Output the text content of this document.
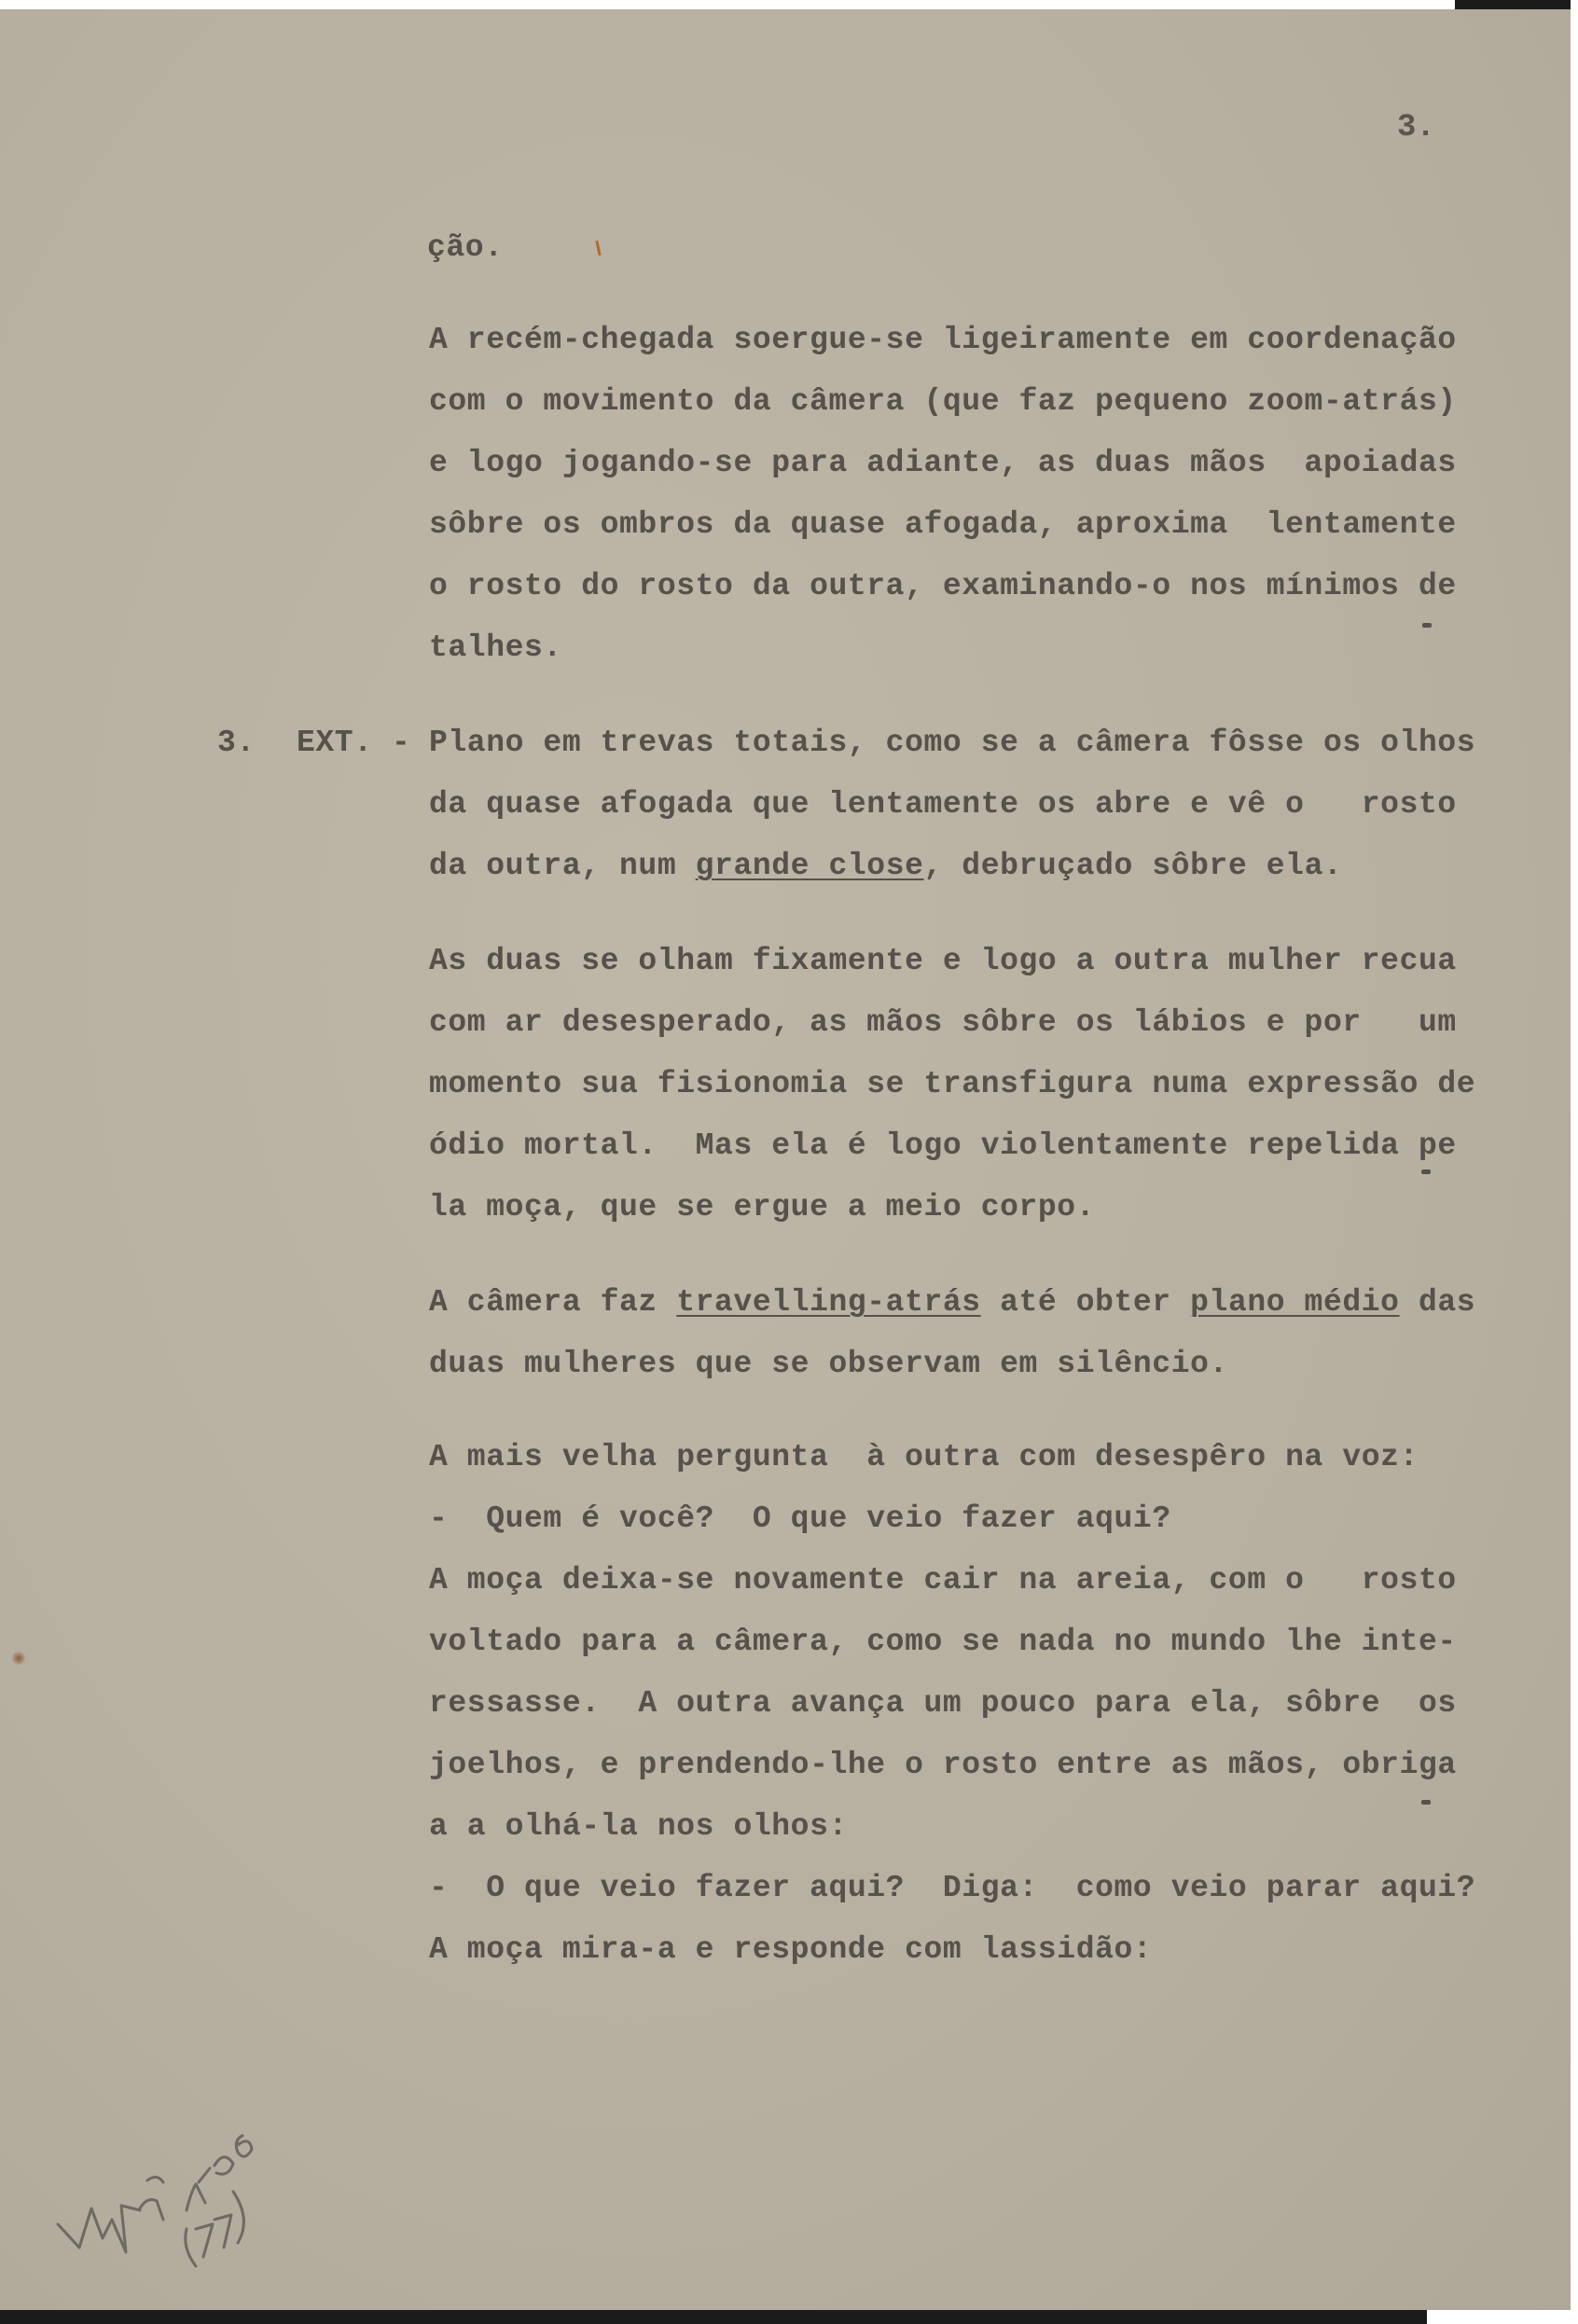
3.
ção.
A recém-chegada soergue-se ligeiramente em coordenação
com o movimento da câmera (que faz pequeno zoom-atrás)
e logo jogando-se para adiante, as duas mãos  apoiadas
sôbre os ombros da quase afogada, aproxima  lentamente
o rosto do rosto da outra, examinando-o nos mínimos de
talhes.
3. EXT. - Plano em trevas totais, como se a câmera fôsse os olhos
da quase afogada que lentamente os abre e vê o   rosto
da outra, num grande close, debruçado sôbre ela.
As duas se olham fixamente e logo a outra mulher recua
com ar desesperado, as mãos sôbre os lábios e por   um
momento sua fisionomia se transfigura numa expressão de
ódio mortal.  Mas ela é logo violentamente repelida pe
la moça, que se ergue a meio corpo.
A câmera faz travelling-atrás até obter plano médio das
duas mulheres que se observam em silêncio.
A mais velha pergunta  à outra com desespêro na voz:
-  Quem é você?  O que veio fazer aqui?
A moça deixa-se novamente cair na areia, com o   rosto
voltado para a câmera, como se nada no mundo lhe inte-
ressasse.  A outra avança um pouco para ela, sôbre  os
joelhos, e prendendo-lhe o rosto entre as mãos, obriga
a a olhá-la nos olhos:
-  O que veio fazer aqui?  Diga:  como veio parar aqui?
A moça mira-a e responde com lassidão:
